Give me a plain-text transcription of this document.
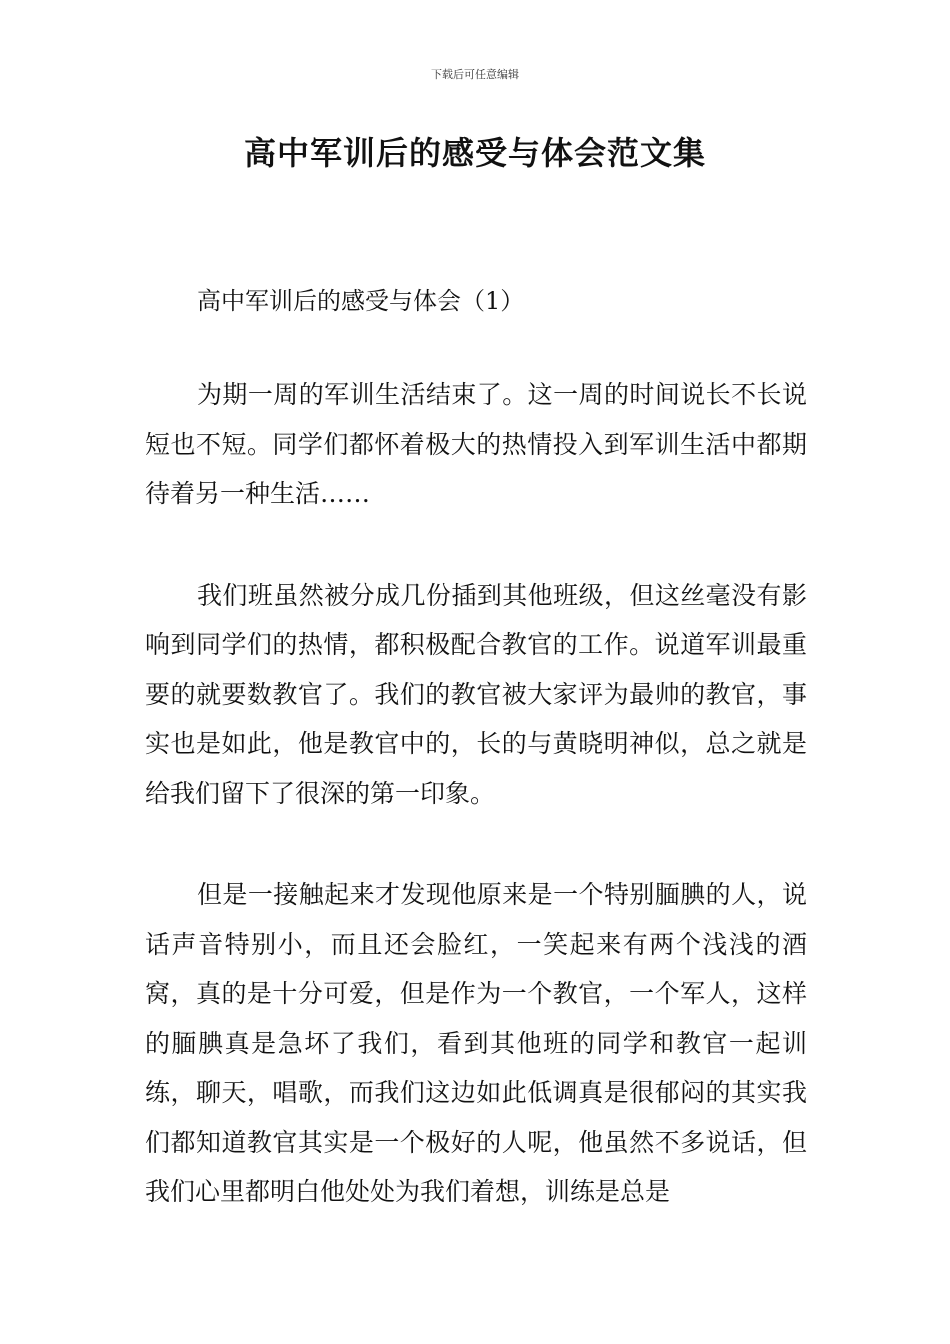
下载后可任意编辑
高中军训后的感受与体会范文集

高中军训后的感受与体会（1）

为期一周的军训生活结束了。这一周的时间说长不长说短也不短。同学们都怀着极大的热情投入到军训生活中都期待着另一种生活……

我们班虽然被分成几份插到其他班级，但这丝毫没有影响到同学们的热情，都积极配合教官的工作。说道军训最重要的就要数教官了。我们的教官被大家评为最帅的教官，事实也是如此，他是教官中的，长的与黄晓明神似，总之就是给我们留下了很深的第一印象。

但是一接触起来才发现他原来是一个特别腼腆的人，说话声音特别小，而且还会脸红，一笑起来有两个浅浅的酒窝，真的是十分可爱，但是作为一个教官，一个军人，这样的腼腆真是急坏了我们，看到其他班的同学和教官一起训练，聊天，唱歌，而我们这边如此低调真是很郁闷的其实我们都知道教官其实是一个极好的人呢，他虽然不多说话，但我们心里都明白他处处为我们着想，训练是总是
